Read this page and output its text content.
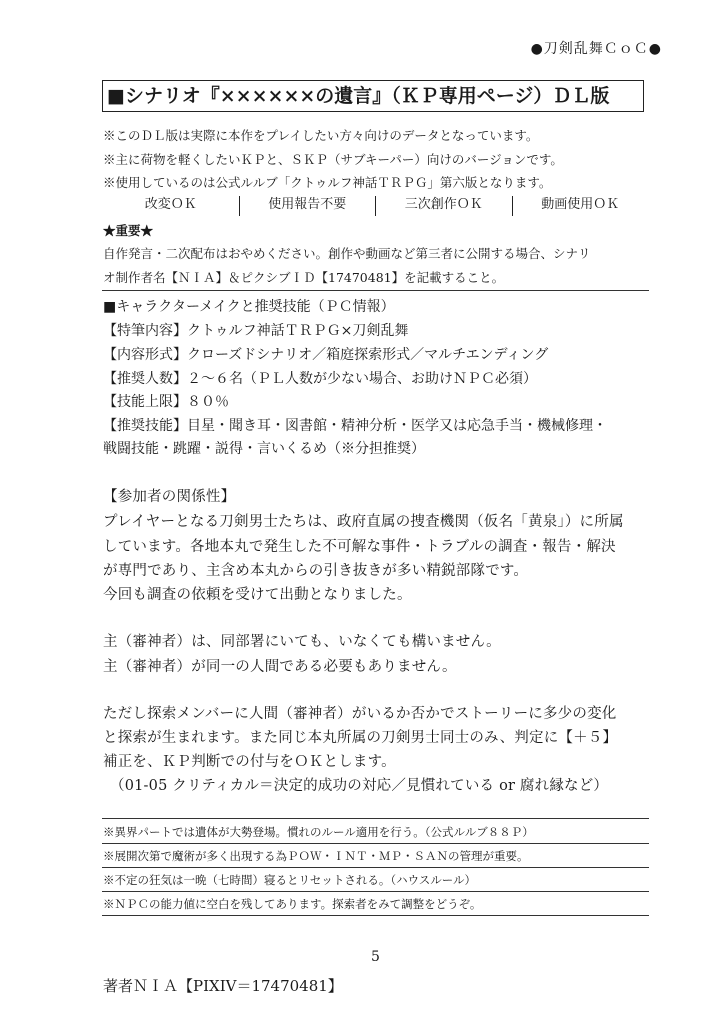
●刀剣乱舞ＣｏＣ●
■シナリオ『××××××の遺言』（ＫＰ専用ページ）ＤＬ版
※このＤＬ版は実際に本作をプレイしたい方々向けのデータとなっています。
※主に荷物を軽くしたいＫＰと、ＳＫＰ（サブキーパー）向けのバージョンです。
※使用しているのは公式ルルブ「クトゥルフ神話ＴＲＰＧ」第六版となります。
改変ＯＫ	使用報告不要	三次創作ＯＫ	動画使用ＯＫ
★重要★
自作発言・二次配布はおやめください。創作や動画など第三者に公開する場合、シナリ
オ制作者名【ＮＩＡ】＆ピクシブＩＤ【17470481】を記載すること。
■キャラクターメイクと推奨技能（ＰＣ情報）
【特筆内容】クトゥルフ神話ＴＲＰＧ×刀剣乱舞
【内容形式】クローズドシナリオ／箱庭探索形式／マルチエンディング
【推奨人数】２～６名（ＰＬ人数が少ない場合、お助けＮＰＣ必須）
【技能上限】８０％
【推奨技能】目星・聞き耳・図書館・精神分析・医学又は応急手当・機械修理・
戦闘技能・跳躍・説得・言いくるめ（※分担推奨）
【参加者の関係性】
プレイヤーとなる刀剣男士たちは、政府直属の捜査機関（仮名「黄泉」）に所属
しています。各地本丸で発生した不可解な事件・トラブルの調査・報告・解決
が専門であり、主含め本丸からの引き抜きが多い精鋭部隊です。
今回も調査の依頼を受けて出動となりました。
主（審神者）は、同部署にいても、いなくても構いません。
主（審神者）が同一の人間である必要もありません。
ただし探索メンバーに人間（審神者）がいるか否かでストーリーに多少の変化
と探索が生まれます。また同じ本丸所属の刀剣男士同士のみ、判定に【＋５】
補正を、ＫＰ判断での付与をＯＫとします。
（01-05 クリティカル＝決定的成功の対応／見慣れている or 腐れ縁など）
※異界パートでは遺体が大勢登場。慣れのルール適用を行う。（公式ルルブ８８Ｐ）
※展開次第で魔術が多く出現する為ＰＯＷ・ＩＮＴ・ＭＰ・ＳＡＮの管理が重要。
※不定の狂気は一晩（七時間）寝るとリセットされる。（ハウスルール）
※ＮＰＣの能力値に空白を残してあります。探索者をみて調整をどうぞ。
5
著者ＮＩＡ【PIXIV＝17470481】
